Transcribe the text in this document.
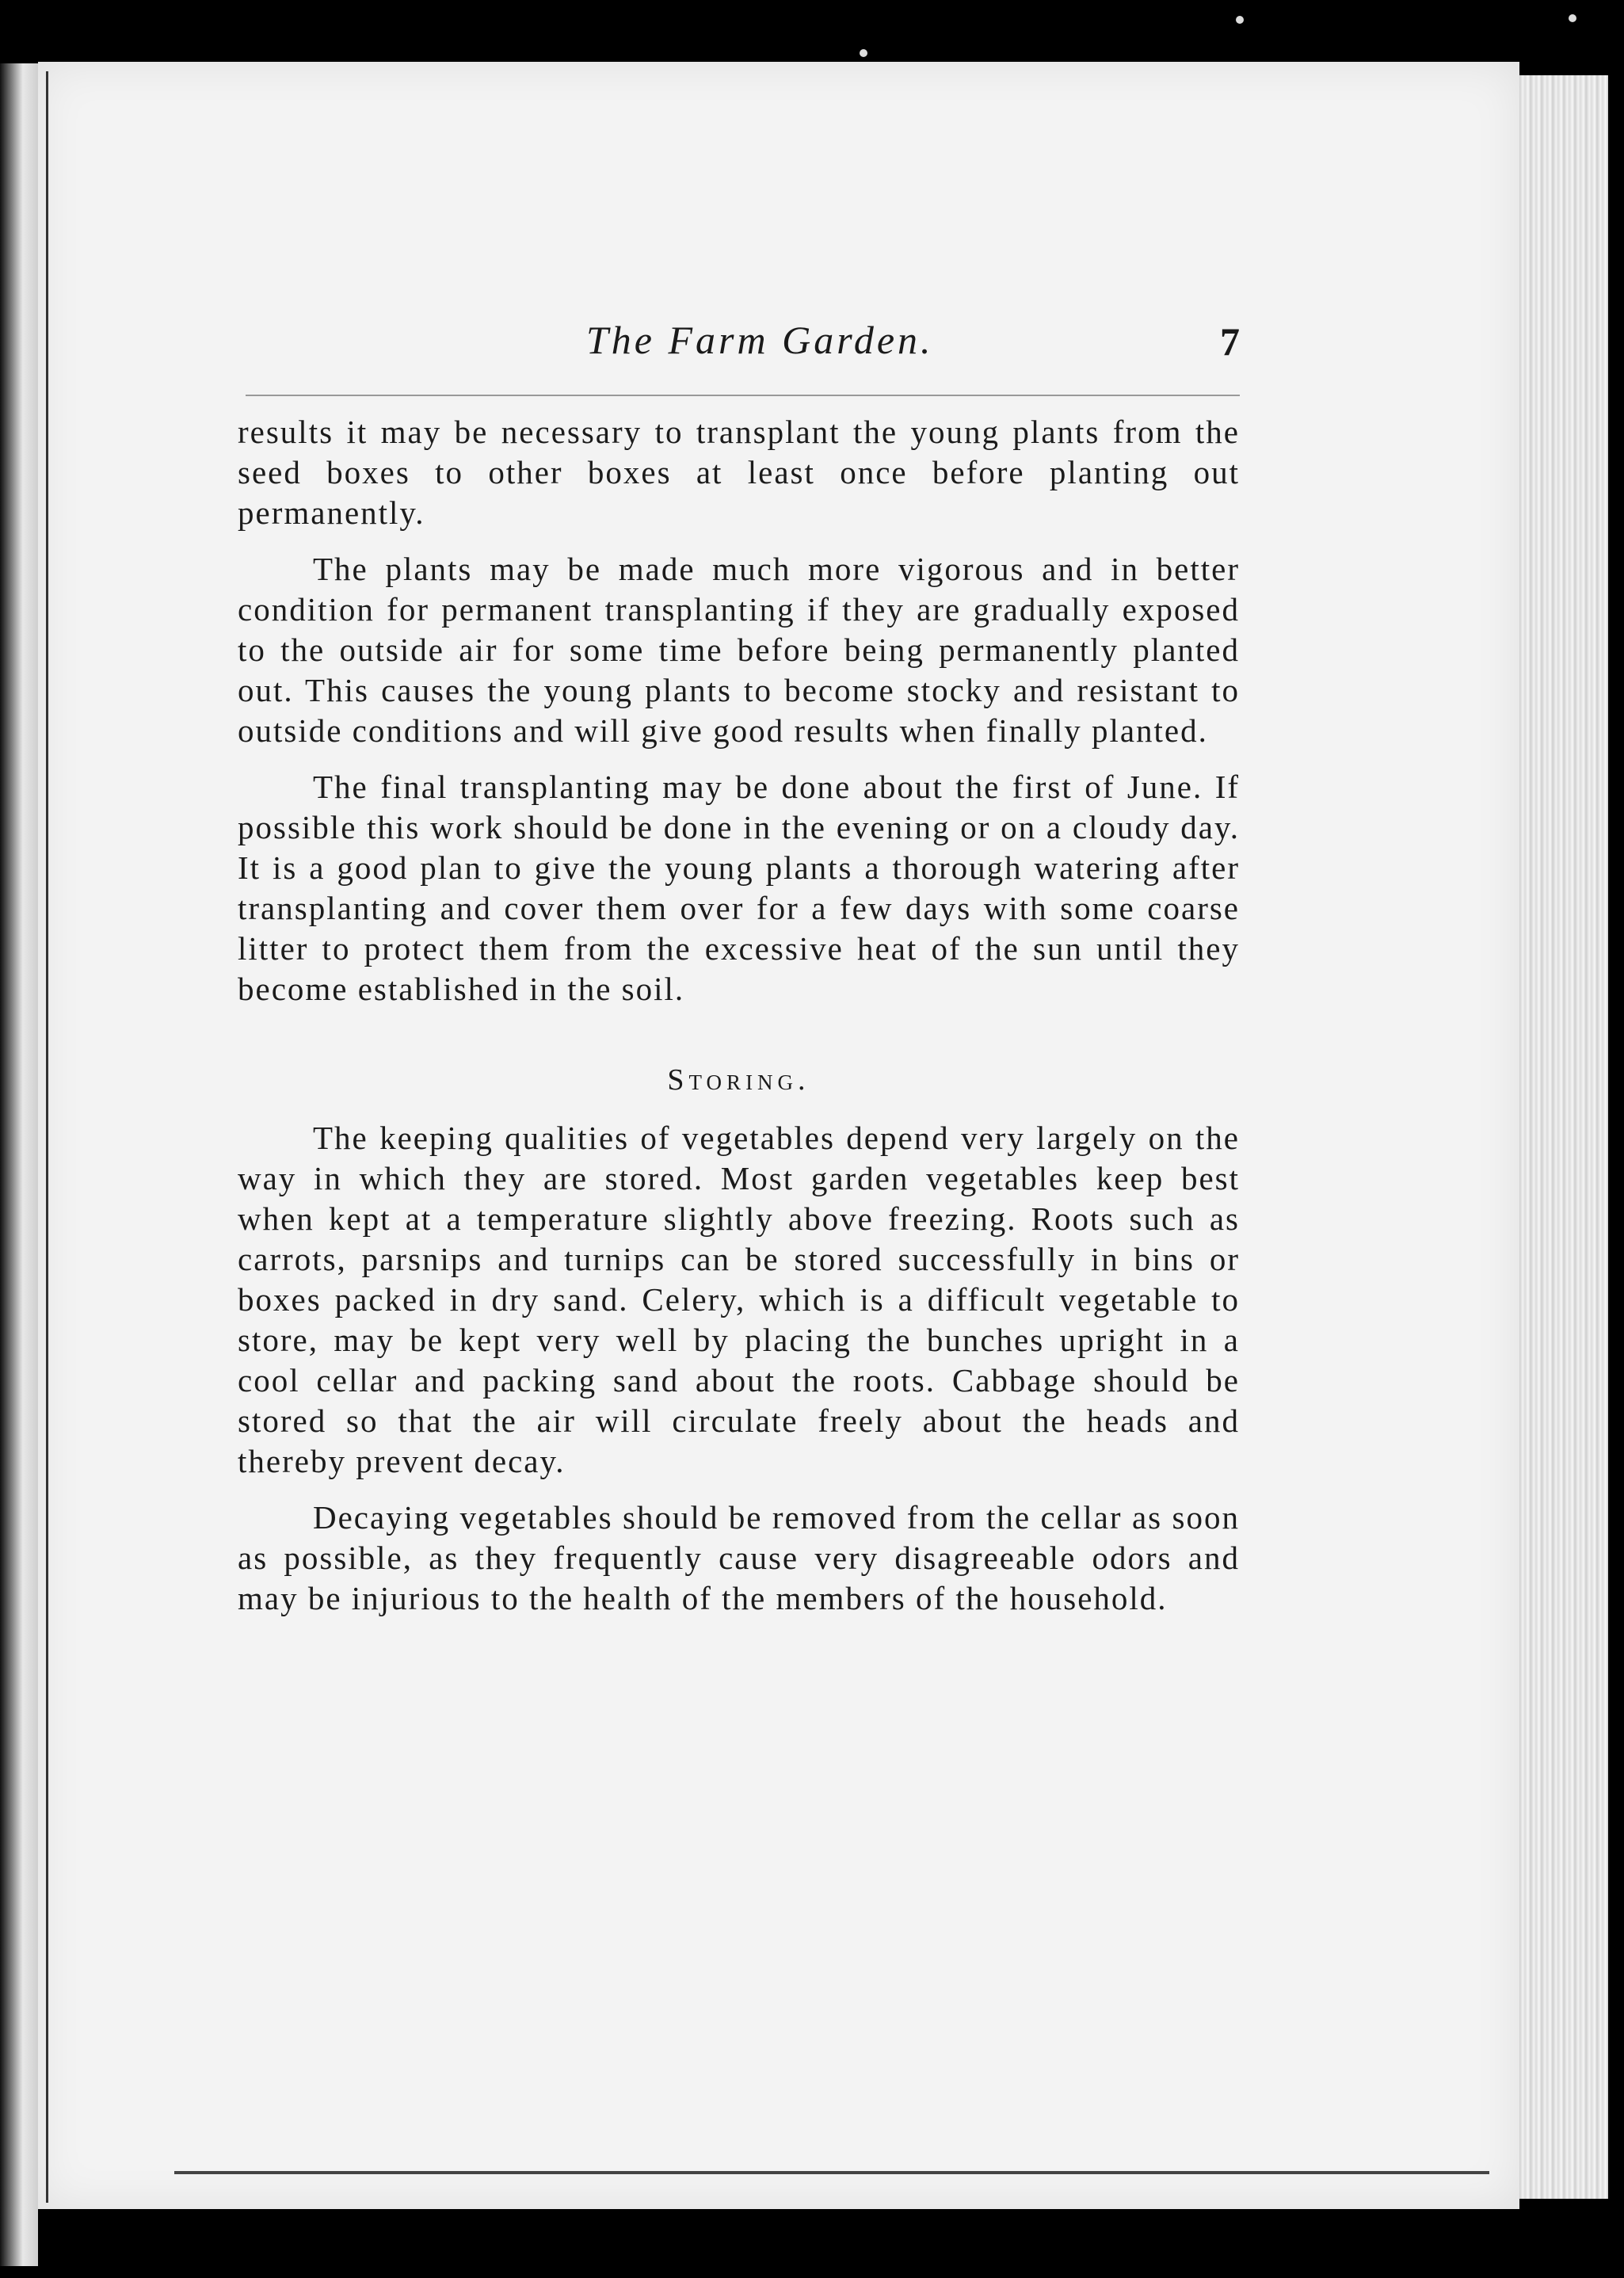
The Farm Garden.	7

results it may be necessary to transplant the young plants from the seed boxes to other boxes at least once before planting out permanently.

The plants may be made much more vigorous and in better condition for permanent transplanting if they are gradually exposed to the outside air for some time before being permanently planted out. This causes the young plants to become stocky and resistant to outside conditions and will give good results when finally planted.

The final transplanting may be done about the first of June. If possible this work should be done in the evening or on a cloudy day. It is a good plan to give the young plants a thorough watering after transplanting and cover them over for a few days with some coarse litter to protect them from the excessive heat of the sun until they become established in the soil.

Storing.

The keeping qualities of vegetables depend very largely on the way in which they are stored. Most garden vegetables keep best when kept at a temperature slightly above freezing. Roots such as carrots, parsnips and turnips can be stored successfully in bins or boxes packed in dry sand. Celery, which is a difficult vegetable to store, may be kept very well by placing the bunches upright in a cool cellar and packing sand about the roots. Cabbage should be stored so that the air will circulate freely about the heads and thereby prevent decay.

Decaying vegetables should be removed from the cellar as soon as possible, as they frequently cause very disagreeable odors and may be injurious to the health of the members of the household.
